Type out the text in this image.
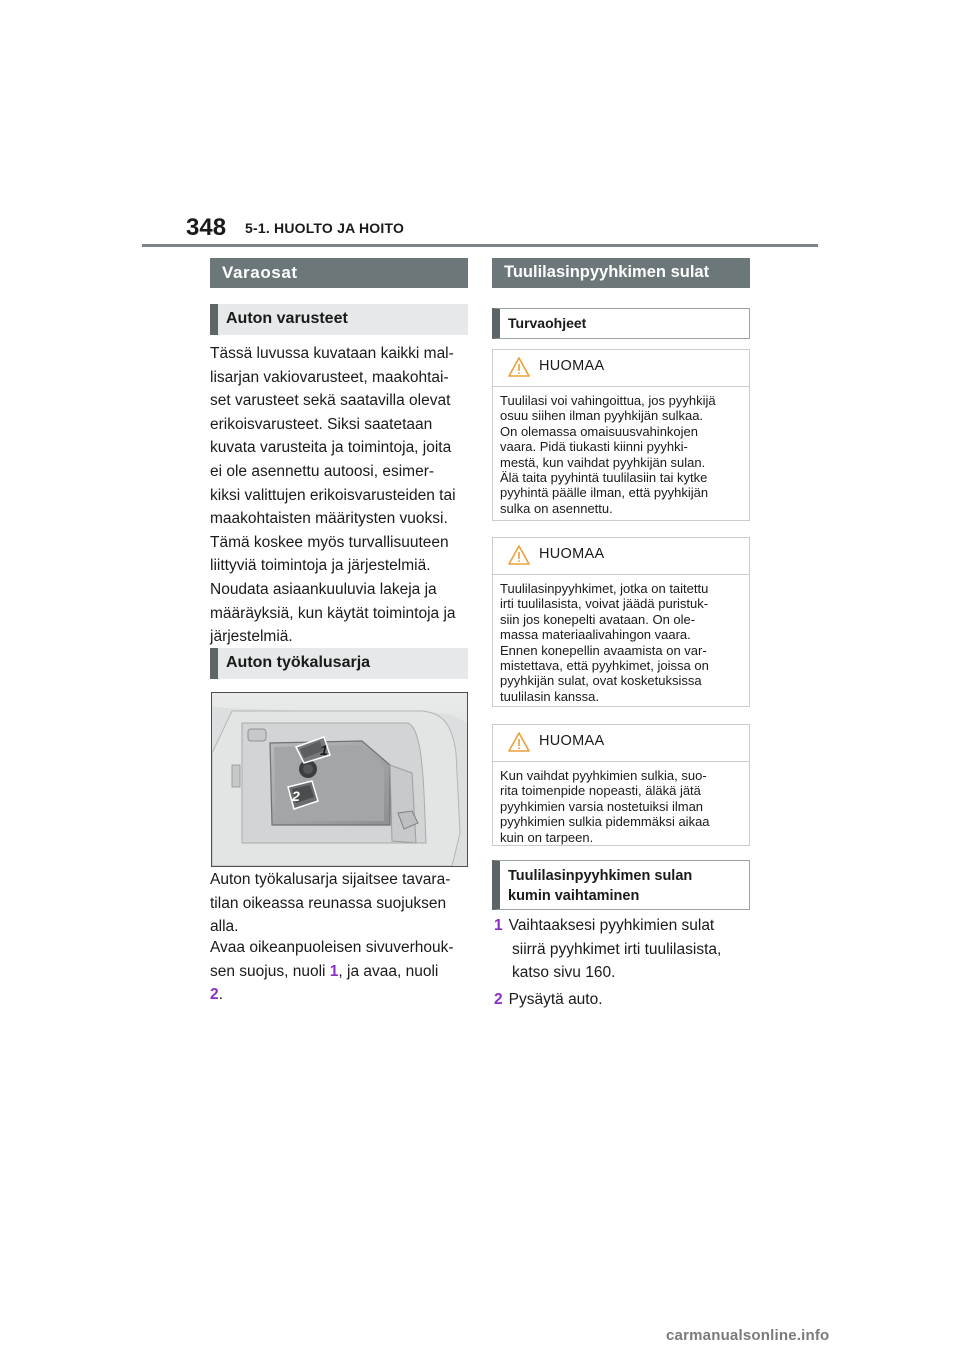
348 5-1. HUOLTO JA HOITO
Varaosat
Auton varusteet

Tässä luvussa kuvataan kaikki mal-

lisarjan vakiovarusteet, maakohtai-

set varusteet sekä saatavilla olevat

erikoisvarusteet. Siksi saatetaan

kuvata varusteita ja toimintoja, joita

ei ole asennettu autoosi, esimer-

kiksi valittujen erikoisvarusteiden tai

maakohtaisten määritysten vuoksi.

Tämä koskee myös turvallisuuteen

liittyviä toimintoja ja järjestelmiä.

Noudata asiaankuuluvia lakeja ja

määräyksiä, kun käytät toimintoja ja

järjestelmiä.

Auton työkalusarja
1
2

Auton työkalusarja sijaitsee tavara-

tilan oikeassa reunassa suojuksen

alla.

Avaa oikeanpuoleisen sivuverhouk-

sen suojus, nuoli 1, ja avaa, nuoli

2.

Tuulilasinpyyhkimen sulat
Turvaohjeet
HUOMAA
Tuulilasi voi vahingoittua, jos pyyhkijä
osuu siihen ilman pyyhkijän sulkaa.
On olemassa omaisuusvahinkojen
vaara. Pidä tiukasti kiinni pyyhki-
mestä, kun vaihdat pyyhkijän sulan.
Älä taita pyyhintä tuulilasiin tai kytke
pyyhintä päälle ilman, että pyyhkijän
sulka on asennettu.
HUOMAA
Tuulilasinpyyhkimet, jotka on taitettu
irti tuulilasista, voivat jäädä puristuk-
siin jos konepelti avataan. On ole-
massa materiaalivahingon vaara.
Ennen konepellin avaamista on var-
mistettava, että pyyhkimet, joissa on
pyyhkijän sulat, ovat kosketuksissa
tuulilasin kanssa.
HUOMAA
Kun vaihdat pyyhkimien sulkia, suo-
rita toimenpide nopeasti, äläkä jätä
pyyhkimien varsia nostetuiksi ilman
pyyhkimien sulkia pidemmäksi aikaa
kuin on tarpeen.
Tuulilasinpyyhkimen sulan
kumin vaihtaminen
1 Vaihtaaksesi pyyhkimien sulat
siirrä pyyhkimet irti tuulilasista,
katso sivu 160.
2 Pysäytä auto.
carmanualsonline.info
